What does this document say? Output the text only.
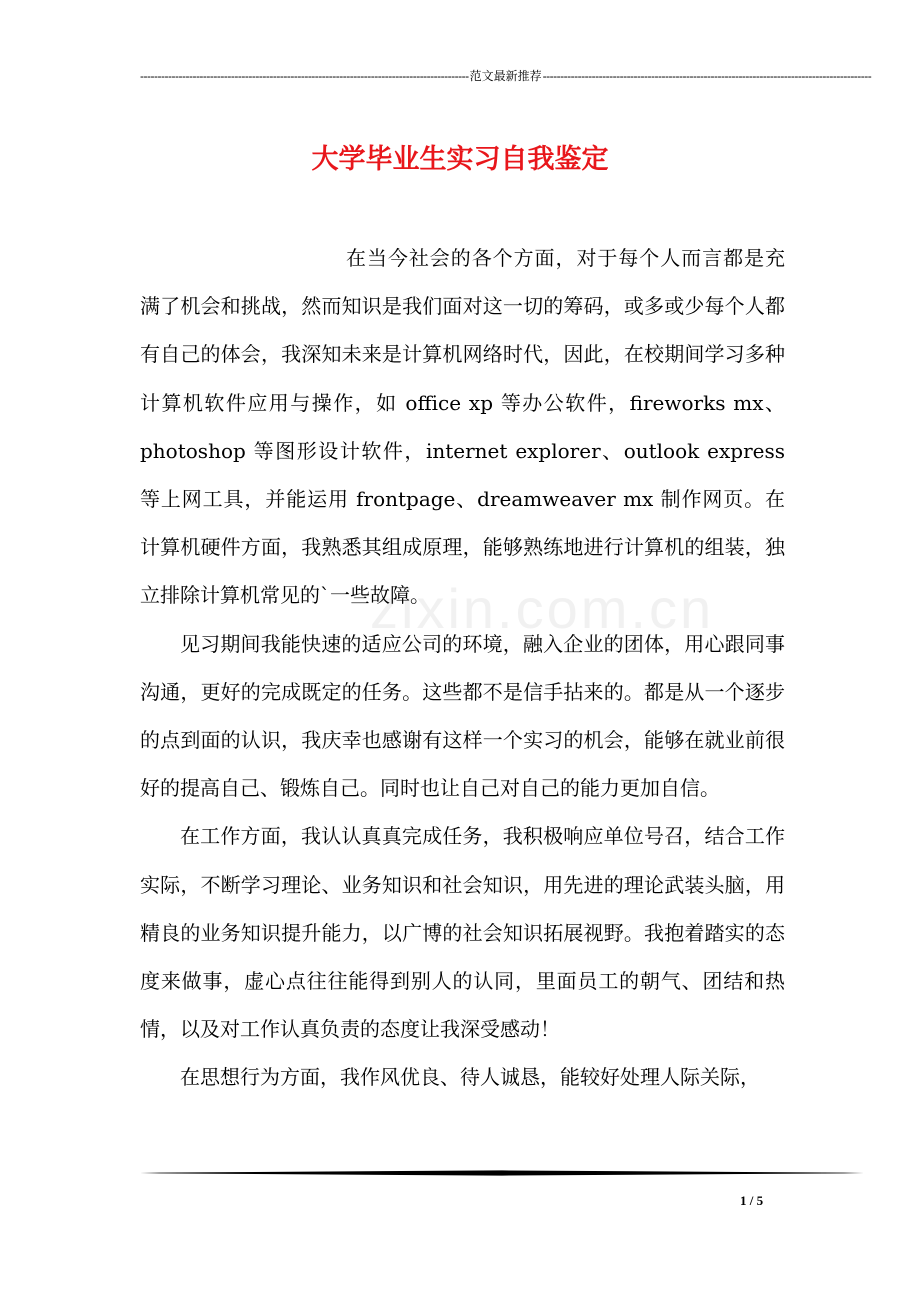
---------------------------------------------------------------------------------------------- 范文最新推荐 ----------------------------------------------------------------------------------------------
大学毕业生实习自我鉴定
zixin.com.cn

在当今社会的各个方面，对于每个人而言都是充满了机会和挑战，然而知识是我们面对这一切的筹码，或多或少每个人都有自己的体会，我深知未来是计算机网络时代，因此，在校期间学习多种计算机软件应用与操作，如 office xp 等办公软件，fireworks mx、photoshop 等图形设计软件，internet explorer、outlook express 等上网工具，并能运用 frontpage、dreamweaver mx 制作网页。在计算机硬件方面，我熟悉其组成原理，能够熟练地进行计算机的组装，独立排除计算机常见的`一些故障。

见习期间我能快速的适应公司的环境，融入企业的团体，用心跟同事沟通，更好的完成既定的任务。这些都不是信手拈来的。都是从一个逐步的点到面的认识，我庆幸也感谢有这样一个实习的机会，能够在就业前很好的提高自己、锻炼自己。同时也让自己对自己的能力更加自信。

在工作方面，我认认真真完成任务，我积极响应单位号召，结合工作实际，不断学习理论、业务知识和社会知识，用先进的理论武装头脑，用精良的业务知识提升能力，以广博的社会知识拓展视野。我抱着踏实的态度来做事，虚心点往往能得到别人的认同，里面员工的朝气、团结和热情，以及对工作认真负责的态度让我深受感动！

在思想行为方面，我作风优良、待人诚恳，能较好处理人际关际，

1 / 5
